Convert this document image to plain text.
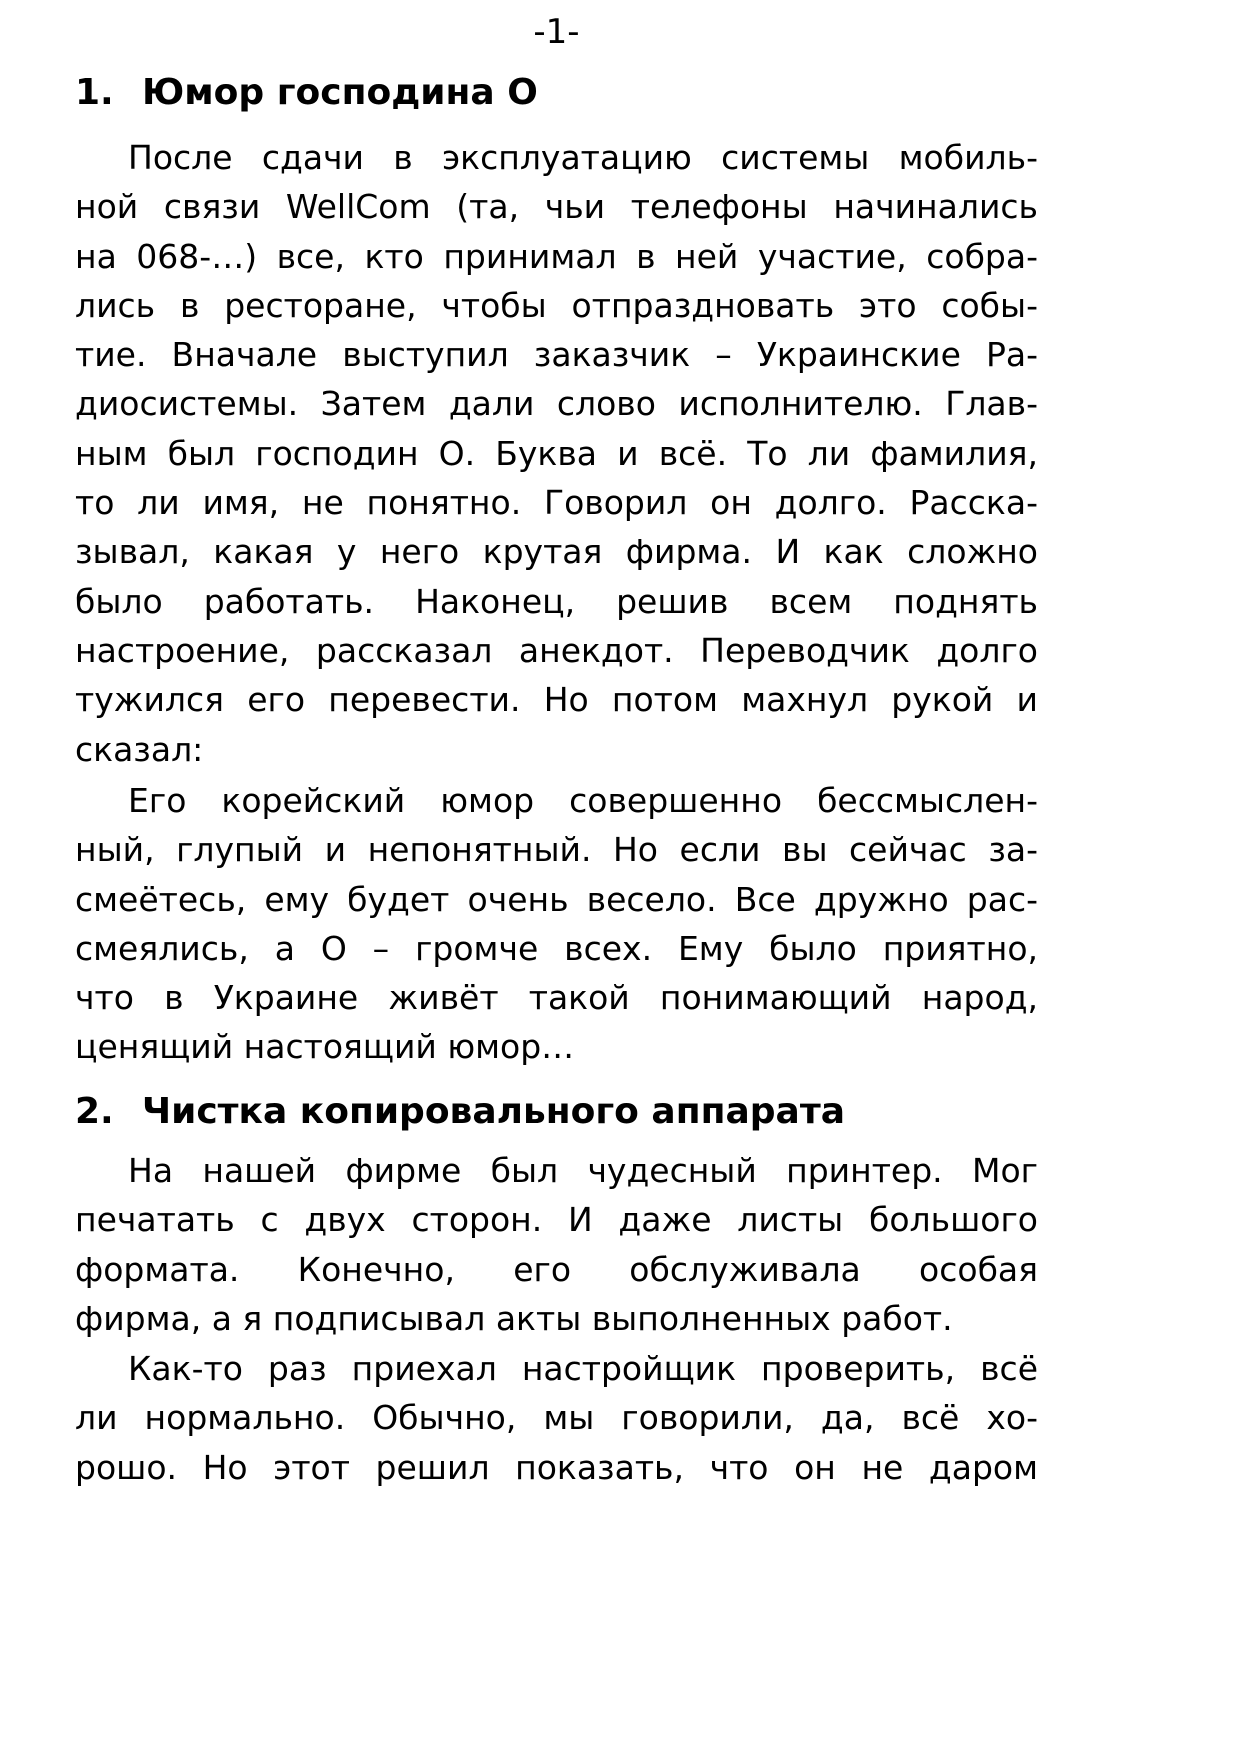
-1-
1. Юмор господина О
После сдачи в эксплуатацию системы мобиль-
ной связи WellCom (та, чьи телефоны начинались
на 068-…) все, кто принимал в ней участие, собра-
лись в ресторане, чтобы отпраздновать это собы-
тие. Вначале выступил заказчик – Украинские Ра-
диосистемы. Затем дали слово исполнителю. Глав-
ным был господин О. Буква и всё. То ли фамилия,
то ли имя, не понятно. Говорил он долго. Расска-
зывал, какая у него крутая фирма. И как сложно
было работать. Наконец, решив всем поднять
настроение, рассказал анекдот. Переводчик долго
тужился его перевести. Но потом махнул рукой и
сказал:
Его корейский юмор совершенно бессмыслен-
ный, глупый и непонятный. Но если вы сейчас за-
смеётесь, ему будет очень весело. Все дружно рас-
смеялись, а О – громче всех. Ему было приятно,
что в Украине живёт такой понимающий народ,
ценящий настоящий юмор…
2. Чистка копировального аппарата
На нашей фирме был чудесный принтер. Мог
печатать с двух сторон. И даже листы большого
формата. Конечно, его обслуживала особая
фирма, а я подписывал акты выполненных работ.
Как-то раз приехал настройщик проверить, всё
ли нормально. Обычно, мы говорили, да, всё хо-
рошо. Но этот решил показать, что он не даром
